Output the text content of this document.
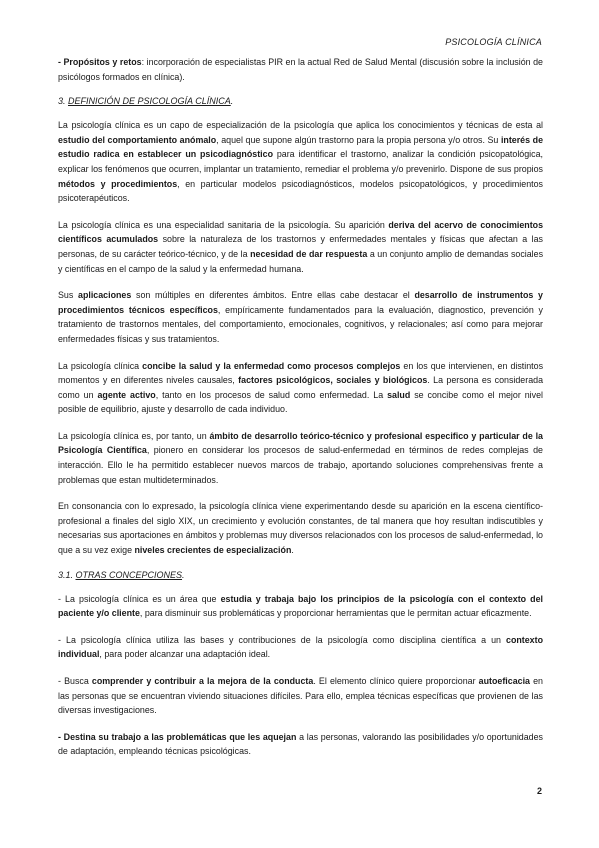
PSICOLOGÍA CLÍNICA

- Propósitos y retos: incorporación de especialistas PIR en la actual Red de Salud Mental (discusión sobre la inclusión de psicólogos formados en clínica).

3. DEFINICIÓN DE PSICOLOGÍA CLÍNICA.

La psicología clínica es un capo de especialización de la psicología que aplica los conocimientos y técnicas de esta al estudio del comportamiento anómalo, aquel que supone algún trastorno para la propia persona y/o otros. Su interés de estudio radica en establecer un psicodiagnóstico para identificar el trastorno, analizar la condición psicopatológica, explicar los fenómenos que ocurren, implantar un tratamiento, remediar el problema y/o prevenirlo. Dispone de sus propios métodos y procedimientos, en particular modelos psicodiagnósticos, modelos psicopatológicos, y procedimientos psicoterapéuticos.

La psicología clínica es una especialidad sanitaria de la psicología. Su aparición deriva del acervo de conocimientos científicos acumulados sobre la naturaleza de los trastornos y enfermedades mentales y físicas que afectan a las personas, de su carácter teórico-técnico, y de la necesidad de dar respuesta a un conjunto amplio de demandas sociales y científicas en el campo de la salud y la enfermedad humana.

Sus aplicaciones son múltiples en diferentes ámbitos. Entre ellas cabe destacar el desarrollo de instrumentos y procedimientos técnicos específicos, empíricamente fundamentados para la evaluación, diagnostico, prevención y tratamiento de trastornos mentales, del comportamiento, emocionales, cognitivos, y relacionales; así como para mejorar enfermedades físicas y sus tratamientos.

La psicología clínica concibe la salud y la enfermedad como procesos complejos en los que intervienen, en distintos momentos y en diferentes niveles causales, factores psicológicos, sociales y biológicos. La persona es considerada como un agente activo, tanto en los procesos de salud como enfermedad. La salud se concibe como el mejor nivel posible de equilibrio, ajuste y desarrollo de cada individuo.

La psicología clínica es, por tanto, un ámbito de desarrollo teórico-técnico y profesional especifico y particular de la Psicología Científica, pionero en considerar los procesos de salud-enfermedad en términos de redes complejas de interacción. Ello le ha permitido establecer nuevos marcos de trabajo, aportando soluciones comprehensivas frente a problemas que estan multideterminados.

En consonancia con lo expresado, la psicología clínica viene experimentando desde su aparición en la escena científico-profesional a finales del siglo XIX, un crecimiento y evolución constantes, de tal manera que hoy resultan indiscutibles y necesarias sus aportaciones en ámbitos y problemas muy diversos relacionados con los procesos de salud-enfermedad, lo que a su vez exige niveles crecientes de especialización.

3.1. OTRAS CONCEPCIONES.

- La psicología clínica es un área que estudia y trabaja bajo los principios de la psicología con el contexto del paciente y/o cliente, para disminuir sus problemáticas y proporcionar herramientas que le permitan actuar eficazmente.

- La psicología clínica utiliza las bases y contribuciones de la psicología como disciplina científica a un contexto individual, para poder alcanzar una adaptación ideal.

- Busca comprender y contribuir a la mejora de la conducta. El elemento clínico quiere proporcionar autoeficacia en las personas que se encuentran viviendo situaciones difíciles. Para ello, emplea técnicas específicas que provienen de las diversas investigaciones.

- Destina su trabajo a las problemáticas que les aquejan a las personas, valorando las posibilidades y/o oportunidades de adaptación, empleando técnicas psicológicas.

2
